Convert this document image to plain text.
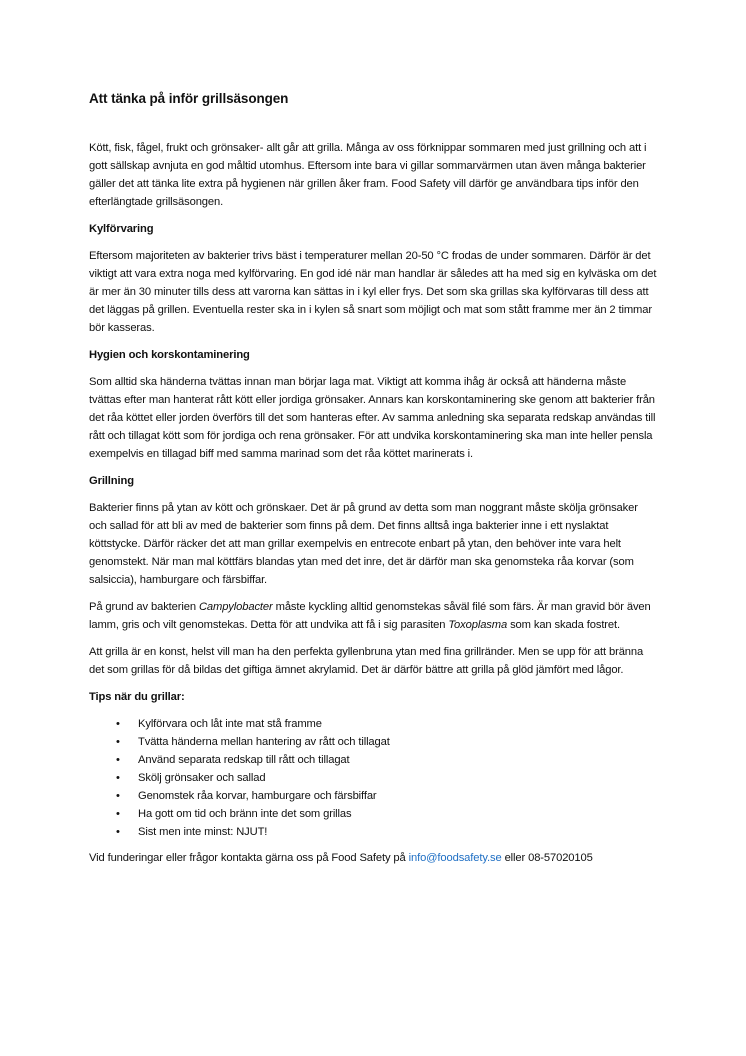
Att tänka på inför grillsäsongen

Kött, fisk, fågel, frukt och grönsaker- allt går att grilla. Många av oss förknippar sommaren med just grillning och att i gott sällskap avnjuta en god måltid utomhus. Eftersom inte bara vi gillar sommarvärmen utan även många bakterier gäller det att tänka lite extra på hygienen när grillen åker fram. Food Safety vill därför ge användbara tips inför den efterlängtade grillsäsongen.

Kylförvaring

Eftersom majoriteten av bakterier trivs bäst i temperaturer mellan 20-50 °C frodas de under sommaren. Därför är det viktigt att vara extra noga med kylförvaring. En god idé när man handlar är således att ha med sig en kylväska om det är mer än 30 minuter tills dess att varorna kan sättas in i kyl eller frys. Det som ska grillas ska kylförvaras till dess att det läggas på grillen. Eventuella rester ska in i kylen så snart som möjligt och mat som stått framme mer än 2 timmar bör kasseras.

Hygien och korskontaminering

Som alltid ska händerna tvättas innan man börjar laga mat. Viktigt att komma ihåg är också att händerna måste tvättas efter man hanterat rått kött eller jordiga grönsaker. Annars kan korskontaminering ske genom att bakterier från det råa köttet eller jorden överförs till det som hanteras efter. Av samma anledning ska separata redskap användas till rått och tillagat kött som för jordiga och rena grönsaker. För att undvika korskontaminering ska man inte heller pensla exempelvis en tillagad biff med samma marinad som det råa köttet marinerats i.

Grillning

Bakterier finns på ytan av kött och grönskaer. Det är på grund av detta som man noggrant måste skölja grönsaker och sallad för att bli av med de bakterier som finns på dem. Det finns alltså inga bakterier inne i ett nyslaktat köttstycke. Därför räcker det att man grillar exempelvis en entrecote enbart på ytan, den behöver inte vara helt genomstekt. När man mal köttfärs blandas ytan med det inre, det är därför man ska genomsteka råa korvar (som salsiccia), hamburgare och färsbiffar.

På grund av bakterien Campylobacter måste kyckling alltid genomstekas såväl filé som färs. Är man gravid bör även lamm, gris och vilt genomstekas. Detta för att undvika att få i sig parasiten Toxoplasma som kan skada fostret.

Att grilla är en konst, helst vill man ha den perfekta gyllenbruna ytan med fina grillränder. Men se upp för att bränna det som grillas för då bildas det giftiga ämnet akrylamid. Det är därför bättre att grilla på glöd jämfört med lågor.

Tips när du grillar:
• Kylförvara och låt inte mat stå framme
• Tvätta händerna mellan hantering av rått och tillagat
• Använd separata redskap till rått och tillagat
• Skölj grönsaker och sallad
• Genomstek råa korvar, hamburgare och färsbiffar
• Ha gott om tid och bränn inte det som grillas
• Sist men inte minst: NJUT!

Vid funderingar eller frågor kontakta gärna oss på Food Safety på info@foodsafety.se eller 08-57020105
